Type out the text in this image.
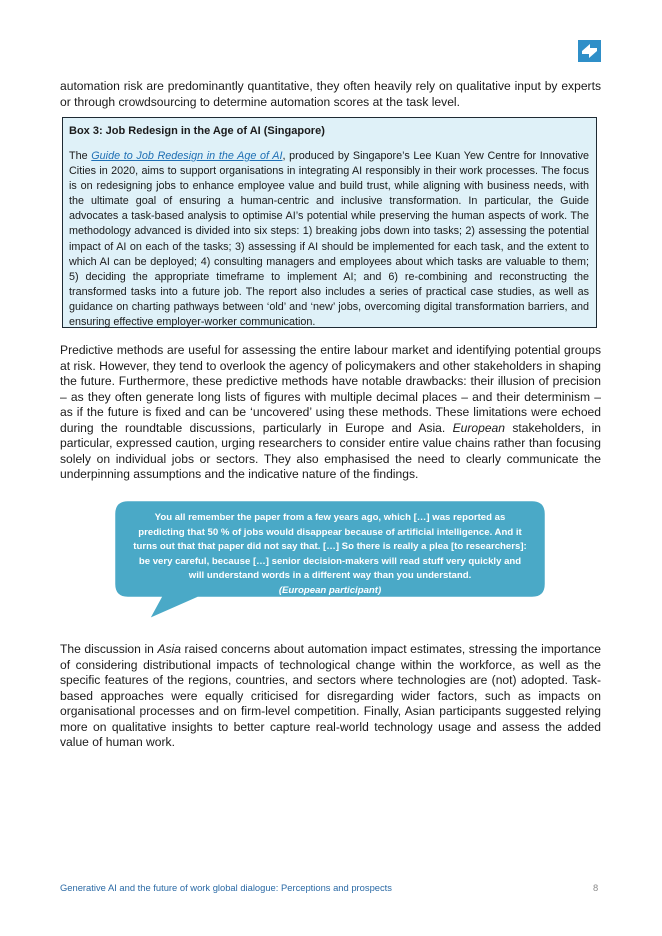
automation risk are predominantly quantitative, they often heavily rely on qualitative input by experts or through crowdsourcing to determine automation scores at the task level.

Box 3: Job Redesign in the Age of AI (Singapore)

The Guide to Job Redesign in the Age of AI, produced by Singapore’s Lee Kuan Yew Centre for Innovative Cities in 2020, aims to support organisations in integrating AI responsibly in their work processes. The focus is on redesigning jobs to enhance employee value and build trust, while aligning with business needs, with the ultimate goal of ensuring a human-centric and inclusive transformation. In particular, the Guide advocates a task-based analysis to optimise AI’s potential while preserving the human aspects of work. The methodology advanced is divided into six steps: 1) breaking jobs down into tasks; 2) assessing the potential impact of AI on each of the tasks; 3) assessing if AI should be implemented for each task, and the extent to which AI can be deployed; 4) consulting managers and employees about which tasks are valuable to them; 5) deciding the appropriate timeframe to implement AI; and 6) re-combining and reconstructing the transformed tasks into a future job. The report also includes a series of practical case studies, as well as guidance on charting pathways between ‘old’ and ‘new’ jobs, overcoming digital transformation barriers, and ensuring effective employer-worker communication.

Predictive methods are useful for assessing the entire labour market and identifying potential groups at risk. However, they tend to overlook the agency of policymakers and other stakeholders in shaping the future. Furthermore, these predictive methods have notable drawbacks: their illusion of precision – as they often generate long lists of figures with multiple decimal places – and their determinism – as if the future is fixed and can be ‘uncovered’ using these methods. These limitations were echoed during the roundtable discussions, particularly in Europe and Asia. European stakeholders, in particular, expressed caution, urging researchers to consider entire value chains rather than focusing solely on individual jobs or sectors. They also emphasised the need to clearly communicate the underpinning assumptions and the indicative nature of the findings.

You all remember the paper from a few years ago, which […] was reported as predicting that 50 % of jobs would disappear because of artificial intelligence. And it turns out that that paper did not say that. […] So there is really a plea [to researchers]: be very careful, because […] senior decision-makers will read stuff very quickly and will understand words in a different way than you understand.
(European participant)

The discussion in Asia raised concerns about automation impact estimates, stressing the importance of considering distributional impacts of technological change within the workforce, as well as the specific features of the regions, countries, and sectors where technologies are (not) adopted. Task-based approaches were equally criticised for disregarding wider factors, such as impacts on organisational processes and on firm-level competition. Finally, Asian participants suggested relying more on qualitative insights to better capture real-world technology usage and assess the added value of human work.

Generative AI and the future of work global dialogue: Perceptions and prospects	8
